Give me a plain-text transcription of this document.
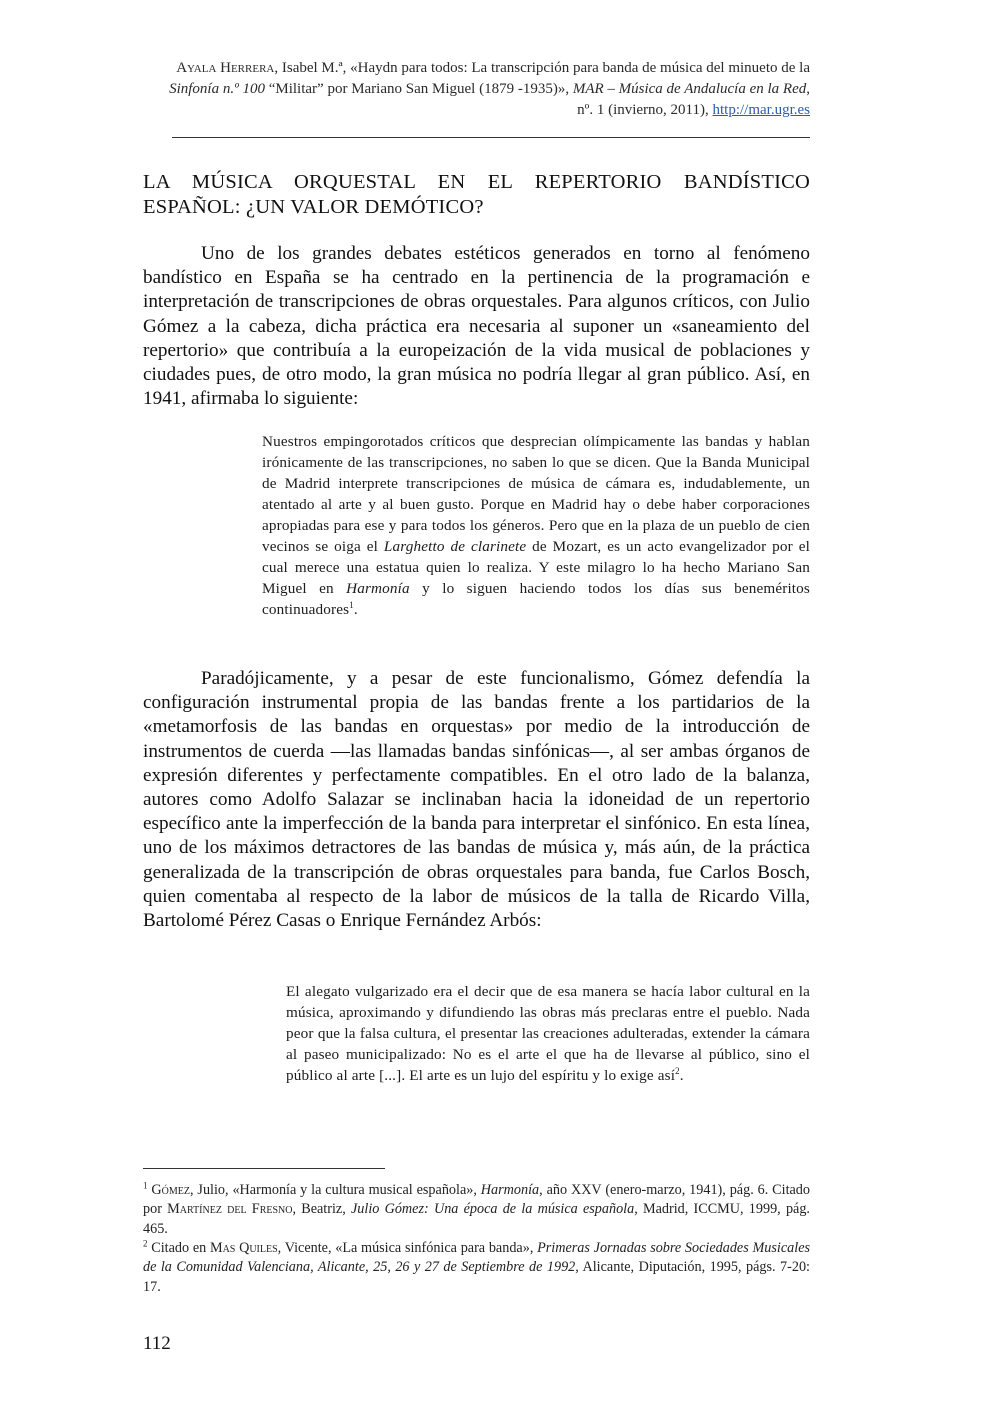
Ayala Herrera, Isabel M.ª, «Haydn para todos: La transcripción para banda de música del minueto de la Sinfonía n.º 100 “Militar” por Mariano San Miguel (1879 -1935)», MAR – Música de Andalucía en la Red, nº. 1 (invierno, 2011), http://mar.ugr.es
LA MÚSICA ORQUESTAL EN EL REPERTORIO BANDÍSTICO ESPAÑOL: ¿UN VALOR DEMÓTICO?

Uno de los grandes debates estéticos generados en torno al fenómeno bandístico en España se ha centrado en la pertinencia de la programación e interpretación de transcripciones de obras orquestales. Para algunos críticos, con Julio Gómez a la cabeza, dicha práctica era necesaria al suponer un «saneamiento del repertorio» que contribuía a la europeización de la vida musical de poblaciones y ciudades pues, de otro modo, la gran música no podría llegar al gran público. Así, en 1941, afirmaba lo siguiente:

Nuestros empingorotados críticos que desprecian olímpicamente las bandas y hablan irónicamente de las transcripciones, no saben lo que se dicen. Que la Banda Municipal de Madrid interprete transcripciones de música de cámara es, indudablemente, un atentado al arte y al buen gusto. Porque en Madrid hay o debe haber corporaciones apropiadas para ese y para todos los géneros. Pero que en la plaza de un pueblo de cien vecinos se oiga el Larghetto de clarinete de Mozart, es un acto evangelizador por el cual merece una estatua quien lo realiza. Y este milagro lo ha hecho Mariano San Miguel en Harmonía y lo siguen haciendo todos los días sus beneméritos continuadores$^1$.

Paradójicamente, y a pesar de este funcionalismo, Gómez defendía la configuración instrumental propia de las bandas frente a los partidarios de la «metamorfosis de las bandas en orquestas» por medio de la introducción de instrumentos de cuerda —las llamadas bandas sinfónicas—, al ser ambas órganos de expresión diferentes y perfectamente compatibles. En el otro lado de la balanza, autores como Adolfo Salazar se inclinaban hacia la idoneidad de un repertorio específico ante la imperfección de la banda para interpretar el sinfónico. En esta línea, uno de los máximos detractores de las bandas de música y, más aún, de la práctica generalizada de la transcripción de obras orquestales para banda, fue Carlos Bosch, quien comentaba al respecto de la labor de músicos de la talla de Ricardo Villa, Bartolomé Pérez Casas o Enrique Fernández Arbós:

El alegato vulgarizado era el decir que de esa manera se hacía labor cultural en la música, aproximando y difundiendo las obras más preclaras entre el pueblo. Nada peor que la falsa cultura, el presentar las creaciones adulteradas, extender la cámara al paseo municipalizado: No es el arte el que ha de llevarse al público, sino el público al arte [...]. El arte es un lujo del espíritu y lo exige así$^2$.

$^1$ Gómez, Julio, «Harmonía y la cultura musical española», Harmonía, año XXV (enero-marzo, 1941), pág. 6. Citado por Martínez del Fresno, Beatriz, Julio Gómez: Una época de la música española, Madrid, ICCMU, 1999, pág. 465.

$^2$ Citado en Mas Quiles, Vicente, «La música sinfónica para banda», Primeras Jornadas sobre Sociedades Musicales de la Comunidad Valenciana, Alicante, 25, 26 y 27 de Septiembre de 1992, Alicante, Diputación, 1995, págs. 7-20: 17.

112
